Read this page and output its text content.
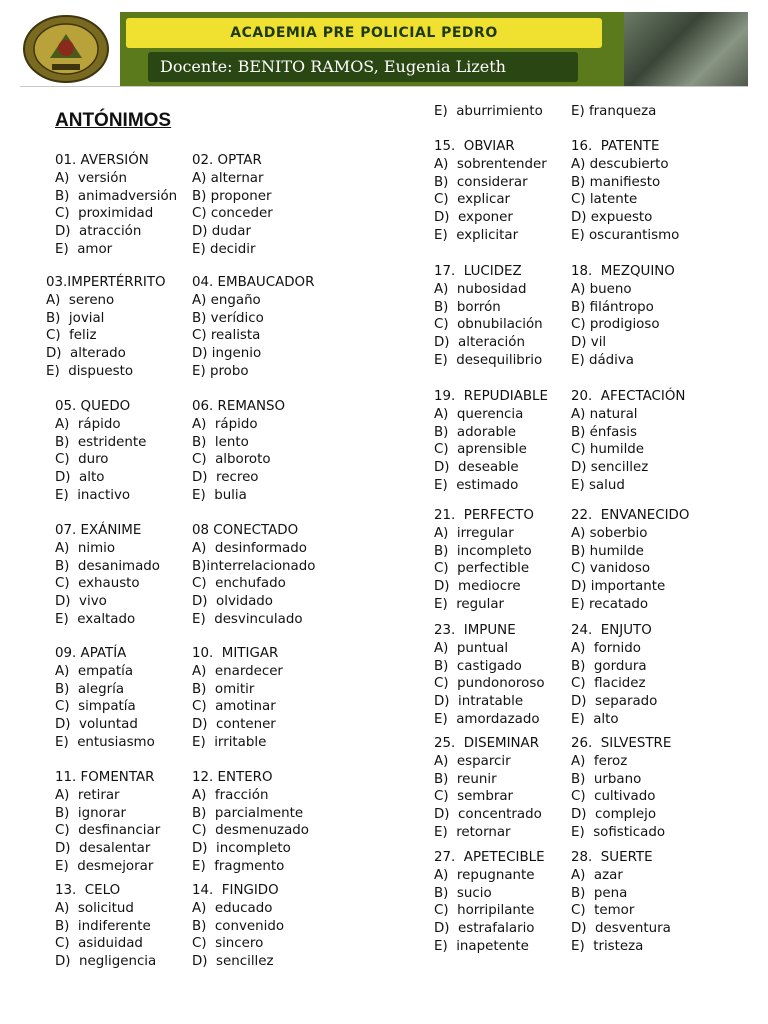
ACADEMIA PRE POLICIAL PEDRO
Docente: BENITO RAMOS, Eugenia Lizeth
ANTÓNIMOS
01. AVERSIÓN
A)  versión
B)  animadversión
C)  proximidad
D)  atracción
E)  amor
02. OPTAR
A) alternar
B) proponer
C) conceder
D) dudar
E) decidir
03.IMPERTÉRRITO
A)  sereno
B)  jovial
C)  feliz
D)  alterado
E)  dispuesto
04. EMBAUCADOR
A) engaño
B) verídico
C) realista
D) ingenio
E) probo
05. QUEDO
A)  rápido
B)  estridente
C)  duro
D)  alto
E)  inactivo
06. REMANSO
A)  rápido
B)  lento
C)  alboroto
D)  recreo
E)  bulia
07. EXÁNIME
A)  nimio
B)  desanimado
C)  exhausto
D)  vivo
E)  exaltado
08 CONECTADO
A)  desinformado
B)interrelacionado
C)  enchufado
D)  olvidado
E)  desvinculado
09. APATÍA
A)  empatía
B)  alegría
C)  simpatía
D)  voluntad
E)  entusiasmo
10.  MITIGAR
A)  enardecer
B)  omitir
C)  amotinar
D)  contener
E)  irritable
11. FOMENTAR
A)  retirar
B)  ignorar
C)  desfinanciar
D)  desalentar
E)  desmejorar
12. ENTERO
A)  fracción
B)  parcialmente
C)  desmenuzado
D)  incompleto
E)  fragmento
13.  CELO
A)  solicitud
B)  indiferente
C)  asiduidad
D)  negligencia
14.  FINGIDO
A)  educado
B)  convenido
C)  sincero
D)  sencillez
E)  aburrimiento E) franqueza
15.  OBVIAR
A)  sobrentender
B)  considerar
C)  explicar
D)  exponer
E)  explicitar
16.  PATENTE
A) descubierto
B) manifiesto
C) latente
D) expuesto
E) oscurantismo
17.  LUCIDEZ
A)  nubosidad
B)  borrón
C)  obnubilación
D)  alteración
E)  desequilibrio
18.  MEZQUINO
A) bueno
B) filántropo
C) prodigioso
D) vil
E) dádiva
19.  REPUDIABLE
A)  querencia
B)  adorable
C)  aprensible
D)  deseable
E)  estimado
20.  AFECTACIÓN
A) natural
B) énfasis
C) humilde
D) sencillez
E) salud
21.  PERFECTO
A)  irregular
B)  incompleto
C)  perfectible
D)  mediocre
E)  regular
22.  ENVANECIDO
A) soberbio
B) humilde
C) vanidoso
D) importante
E) recatado
23.  IMPUNE
A)  puntual
B)  castigado
C)  pundonoroso
D)  intratable
E)  amordazado
24.  ENJUTO
A)  fornido
B)  gordura
C)  flacidez
D)  separado
E)  alto
25.  DISEMINAR
A)  esparcir
B)  reunir
C)  sembrar
D)  concentrado
E)  retornar
26.  SILVESTRE
A)  feroz
B)  urbano
C)  cultivado
D)  complejo
E)  sofisticado
27.  APETECIBLE
A)  repugnante
B)  sucio
C)  horripilante
D)  estrafalario
E)  inapetente
28.  SUERTE
A)  azar
B)  pena
C)  temor
D)  desventura
E)  tristeza
